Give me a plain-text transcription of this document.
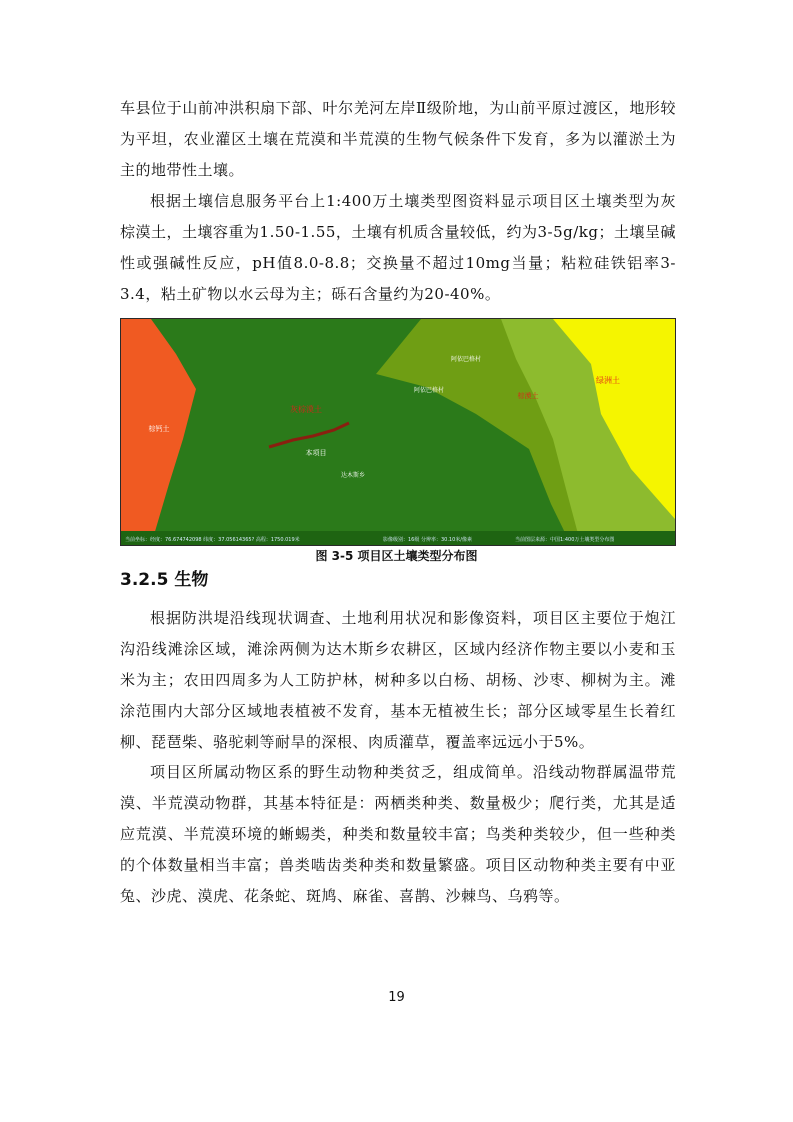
车县位于山前冲洪积扇下部、叶尔羌河左岸Ⅱ级阶地，为山前平原过渡区，地形较为平坦，农业灌区土壤在荒漠和半荒漠的生物气候条件下发育，多为以灌淤土为主的地带性土壤。

根据土壤信息服务平台上1:400万土壤类型图资料显示项目区土壤类型为灰棕漠土，土壤容重为1.50-1.55，土壤有机质含量较低，约为3-5g/kg；土壤呈碱性或强碱性反应，pH值8.0-8.8；交换量不超过10mg当量；粘粒硅铁铝率3-3.4，粘土矿物以水云母为主；砾石含量约为20-40%。

棕钙土
灰棕漠土
本项目
达木斯乡
阿依巴格村
阿依巴格村
棕漠土
绿洲土
当前坐标：经度：76.674742098 纬度：37.05614365? 高程：1750.019米	影像级别：16级 分辨率：30.10米/像素	当前图层来源：中国1:400万土壤类型分布图
图 3-5 项目区土壤类型分布图
3.2.5 生物

根据防洪堤沿线现状调查、土地利用状况和影像资料，项目区主要位于炮江沟沿线滩涂区域，滩涂两侧为达木斯乡农耕区，区域内经济作物主要以小麦和玉米为主；农田四周多为人工防护林，树种多以白杨、胡杨、沙枣、柳树为主。滩涂范围内大部分区域地表植被不发育，基本无植被生长；部分区域零星生长着红柳、琵琶柴、骆驼刺等耐旱的深根、肉质灌草，覆盖率远远小于5%。

项目区所属动物区系的野生动物种类贫乏，组成简单。沿线动物群属温带荒漠、半荒漠动物群，其基本特征是：两栖类种类、数量极少；爬行类，尤其是适应荒漠、半荒漠环境的蜥蜴类，种类和数量较丰富；鸟类种类较少，但一些种类的个体数量相当丰富；兽类啮齿类种类和数量繁盛。项目区动物种类主要有中亚兔、沙虎、漠虎、花条蛇、斑鸠、麻雀、喜鹊、沙棘鸟、乌鸦等。

19
